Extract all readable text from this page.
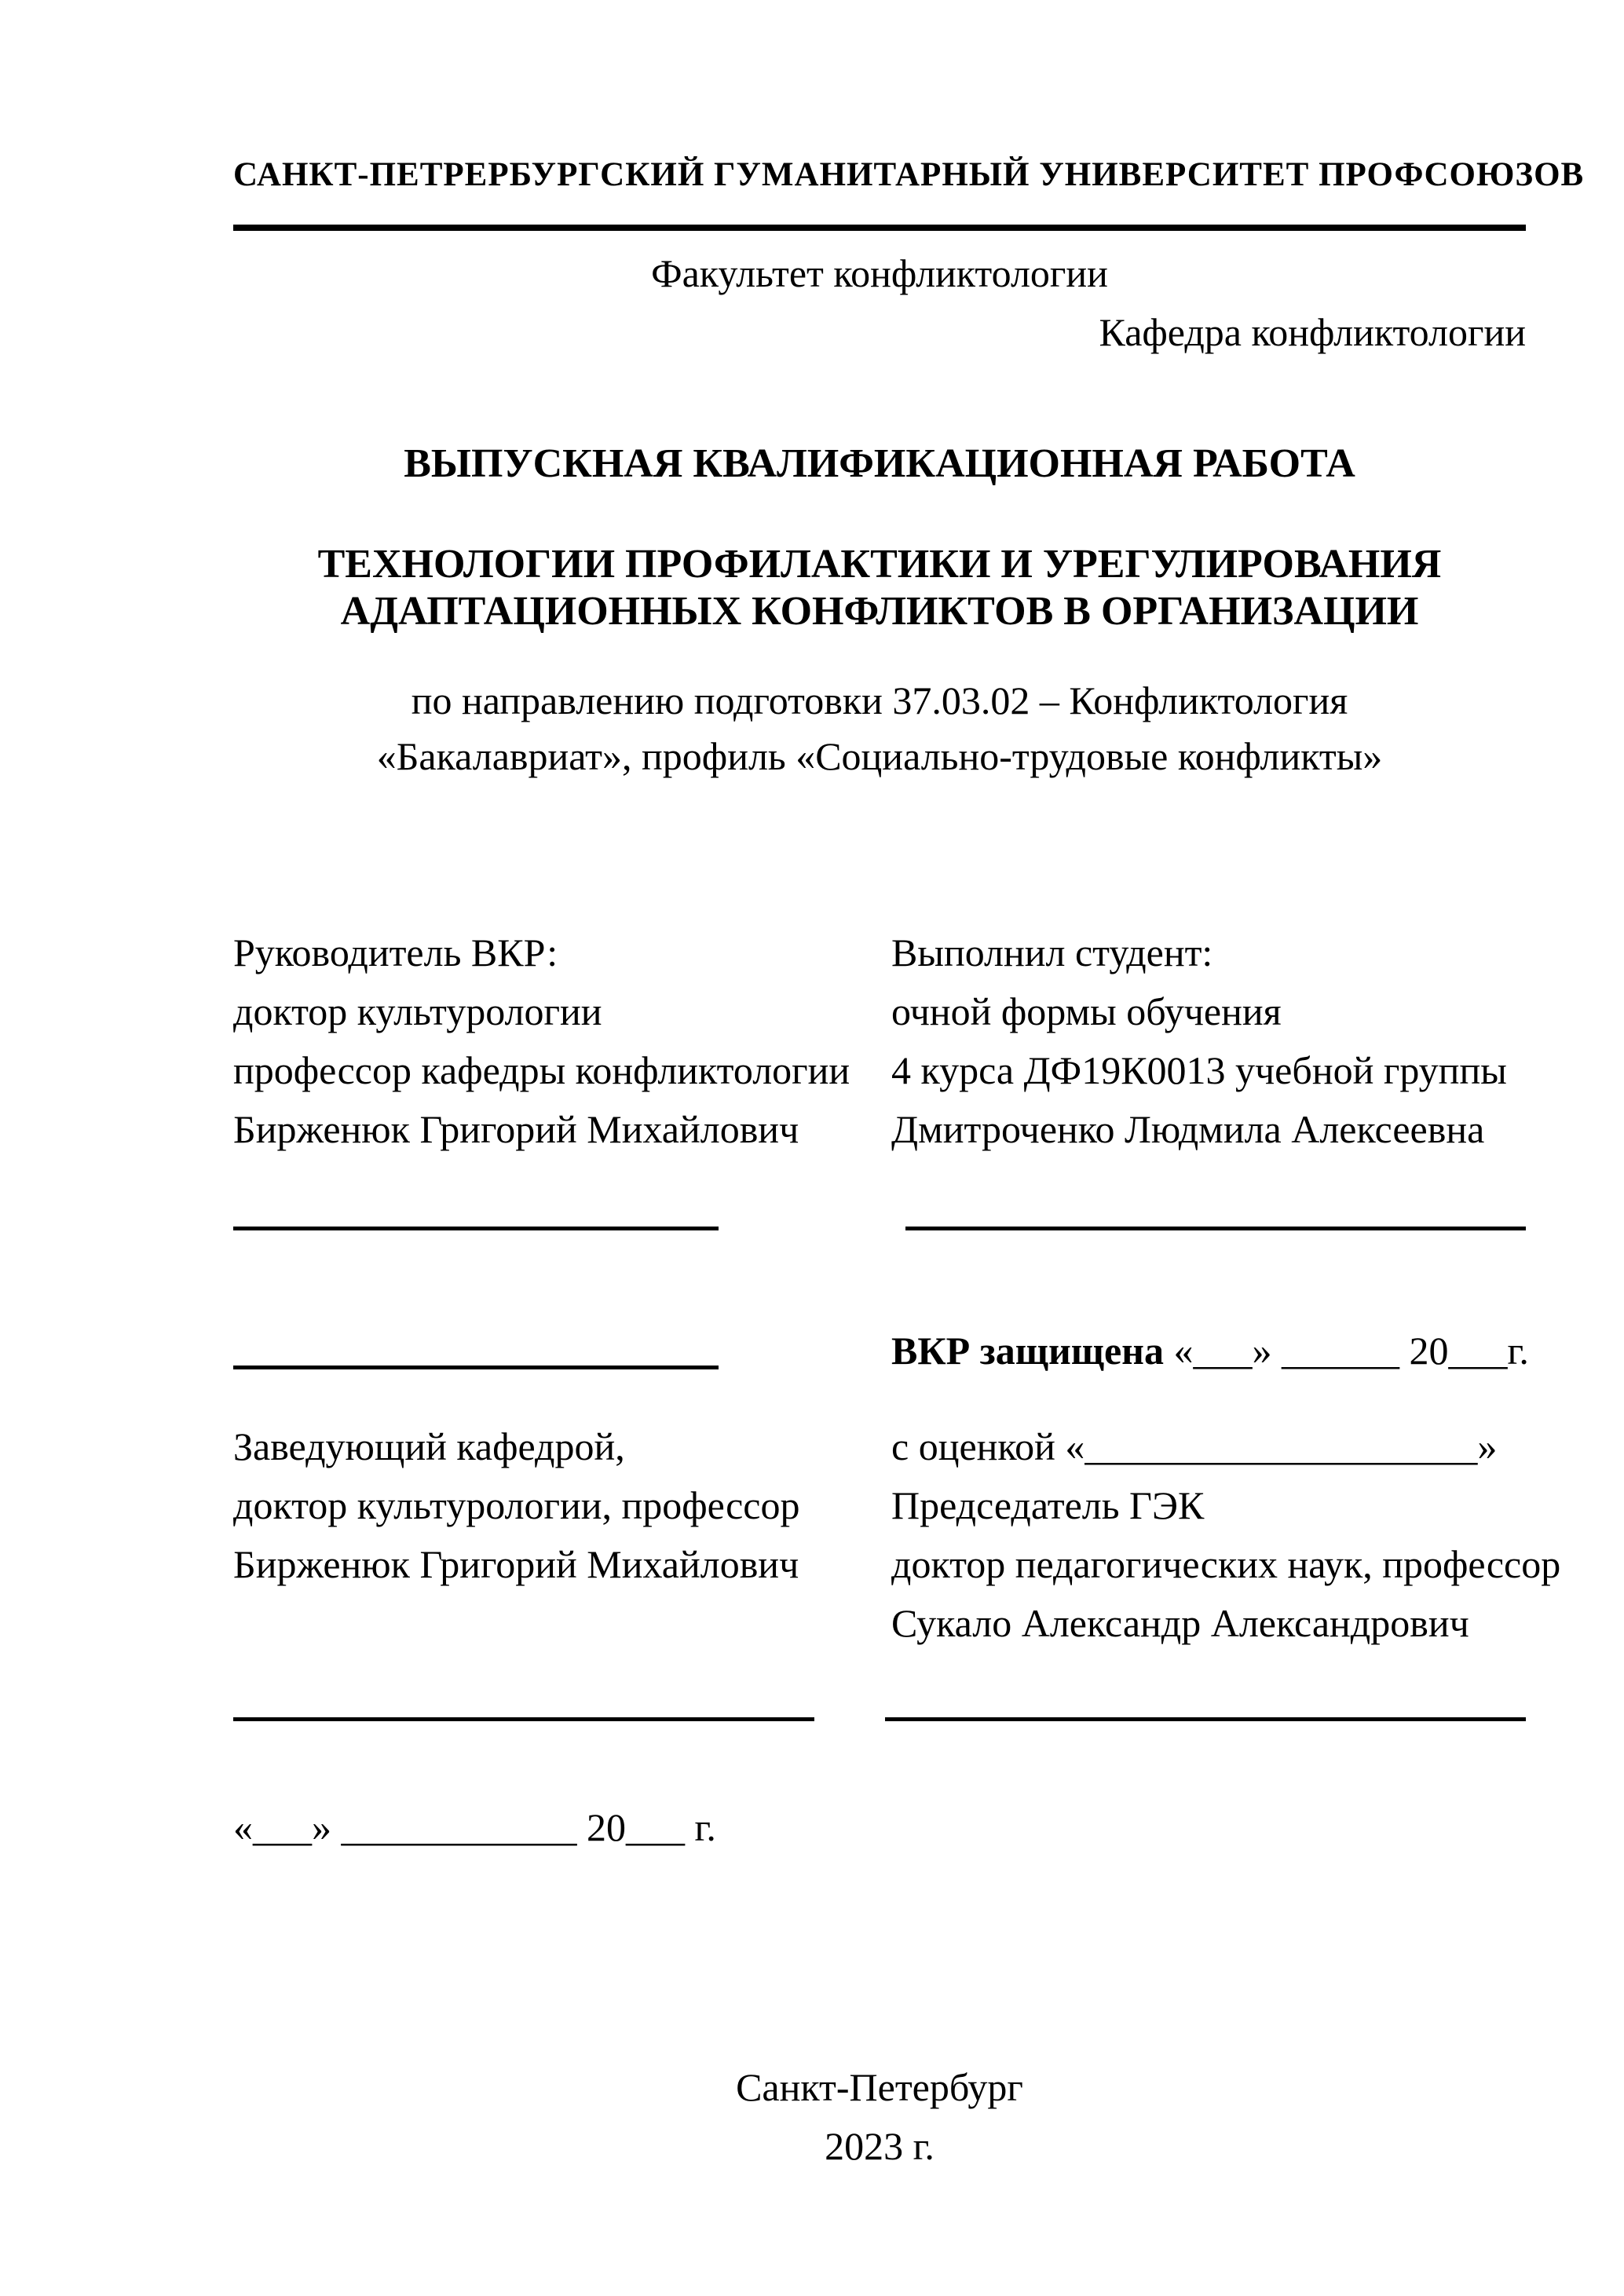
САНКТ-ПЕТРЕРБУРГСКИЙ ГУМАНИТАРНЫЙ УНИВЕРСИТЕТ ПРОФСОЮЗОВ
Факультет конфликтологии
Кафедра конфликтологии
ВЫПУСКНАЯ КВАЛИФИКАЦИОННАЯ РАБОТА
ТЕХНОЛОГИИ ПРОФИЛАКТИКИ И УРЕГУЛИРОВАНИЯ
АДАПТАЦИОННЫХ КОНФЛИКТОВ В ОРГАНИЗАЦИИ
по направлению подготовки 37.03.02 – Конфликтология
«Бакалавриат», профиль «Социально-трудовые конфликты»
Руководитель ВКР:
доктор культурологии
профессор кафедры конфликтологии
Бирженюк Григорий Михайлович
Выполнил студент:
очной формы обучения
4 курса ДФ19К0013 учебной группы
Дмитроченко Людмила Алексеевна
ВКР защищена «___» ______ 20___г.
Заведующий кафедрой,
доктор культурологии, профессор
Бирженюк Григорий Михайлович
с оценкой «____________________»
Председатель ГЭК
доктор педагогических наук, профессор
Сукало Александр Александрович
«___» ____________ 20___ г.
Санкт-Петербург
2023 г.
